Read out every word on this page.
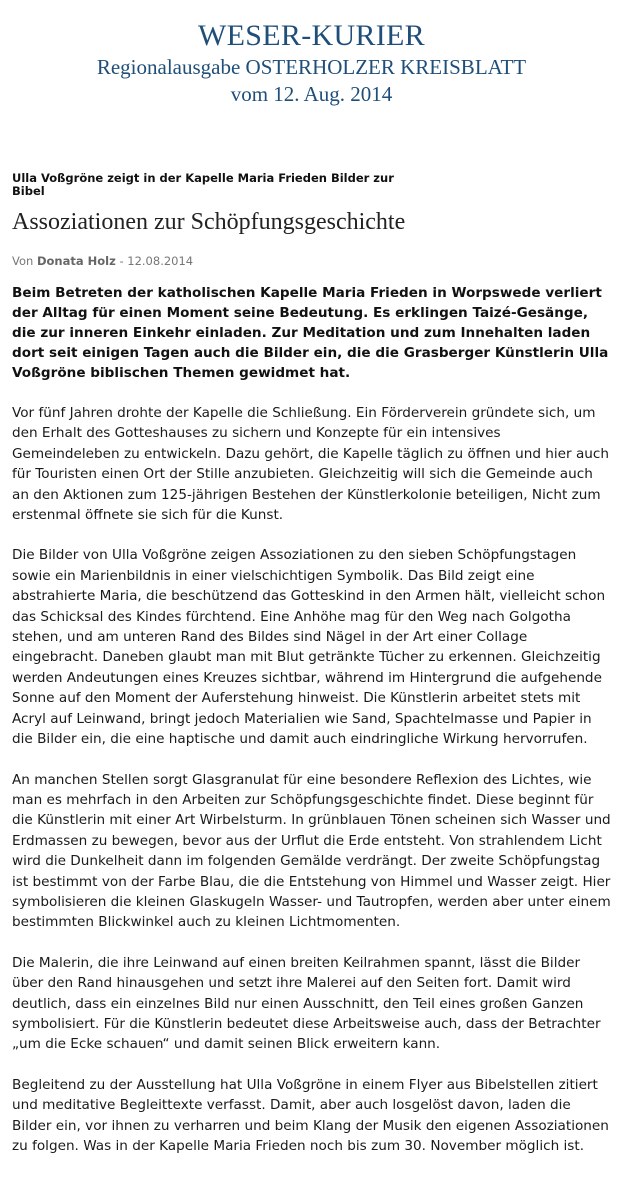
WESER-KURIER
Regionalausgabe OSTERHOLZER KREISBLATT
vom 12. Aug. 2014
Ulla Voßgröne zeigt in der Kapelle Maria Frieden Bilder zur Bibel
Assoziationen zur Schöpfungsgeschichte
Von Donata Holz - 12.08.2014
Beim Betreten der katholischen Kapelle Maria Frieden in Worpswede verliert der Alltag für einen Moment seine Bedeutung. Es erklingen Taizé-Gesänge, die zur inneren Einkehr einladen. Zur Meditation und zum Innehalten laden dort seit einigen Tagen auch die Bilder ein, die die Grasberger Künstlerin Ulla Voßgröne biblischen Themen gewidmet hat.
Vor fünf Jahren drohte der Kapelle die Schließung. Ein Förderverein gründete sich, um den Erhalt des Gotteshauses zu sichern und Konzepte für ein intensives Gemeindeleben zu entwickeln. Dazu gehört, die Kapelle täglich zu öffnen und hier auch für Touristen einen Ort der Stille anzubieten. Gleichzeitig will sich die Gemeinde auch an den Aktionen zum 125-jährigen Bestehen der Künstlerkolonie beteiligen, Nicht zum erstenmal öffnete sie sich für die Kunst.
Die Bilder von Ulla Voßgröne zeigen Assoziationen zu den sieben Schöpfungstagen sowie ein Marienbildnis in einer vielschichtigen Symbolik. Das Bild zeigt eine abstrahierte Maria, die beschützend das Gotteskind in den Armen hält, vielleicht schon das Schicksal des Kindes fürchtend. Eine Anhöhe mag für den Weg nach Golgotha stehen, und am unteren Rand des Bildes sind Nägel in der Art einer Collage eingebracht. Daneben glaubt man mit Blut getränkte Tücher zu erkennen. Gleichzeitig werden Andeutungen eines Kreuzes sichtbar, während im Hintergrund die aufgehende Sonne auf den Moment der Auferstehung hinweist. Die Künstlerin arbeitet stets mit Acryl auf Leinwand, bringt jedoch Materialien wie Sand, Spachtelmasse und Papier in die Bilder ein, die eine haptische und damit auch eindringliche Wirkung hervorrufen.
An manchen Stellen sorgt Glasgranulat für eine besondere Reflexion des Lichtes, wie man es mehrfach in den Arbeiten zur Schöpfungsgeschichte findet. Diese beginnt für die Künstlerin mit einer Art Wirbelsturm. In grünblauen Tönen scheinen sich Wasser und Erdmassen zu bewegen, bevor aus der Urflut die Erde entsteht. Von strahlendem Licht wird die Dunkelheit dann im folgenden Gemälde verdrängt. Der zweite Schöpfungstag ist bestimmt von der Farbe Blau, die die Entstehung von Himmel und Wasser zeigt. Hier symbolisieren die kleinen Glaskugeln Wasser- und Tautropfen, werden aber unter einem bestimmten Blickwinkel auch zu kleinen Lichtmomenten.
Die Malerin, die ihre Leinwand auf einen breiten Keilrahmen spannt, lässt die Bilder über den Rand hinausgehen und setzt ihre Malerei auf den Seiten fort. Damit wird deutlich, dass ein einzelnes Bild nur einen Ausschnitt, den Teil eines großen Ganzen symbolisiert. Für die Künstlerin bedeutet diese Arbeitsweise auch, dass der Betrachter „um die Ecke schauen“ und damit seinen Blick erweitern kann.
Begleitend zu der Ausstellung hat Ulla Voßgröne in einem Flyer aus Bibelstellen zitiert und meditative Begleittexte verfasst. Damit, aber auch losgelöst davon, laden die Bilder ein, vor ihnen zu verharren und beim Klang der Musik den eigenen Assoziationen zu folgen. Was in der Kapelle Maria Frieden noch bis zum 30. November möglich ist.
